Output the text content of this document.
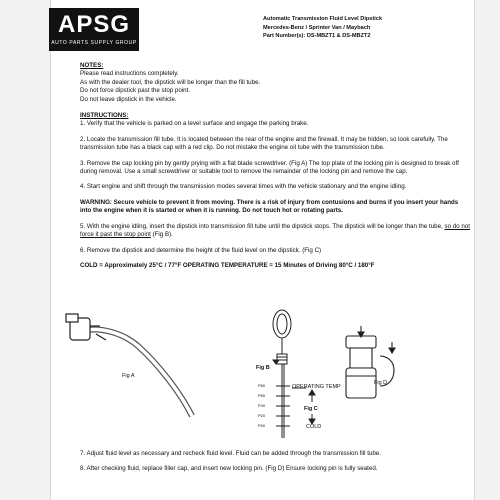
APSG
AUTO PARTS SUPPLY GROUP
Automatic Transmission Fluid Level Dipstick
Mercedes-Benz / Sprinter Van / Maybach
Part Number(s): DS-MBZT1 & DS-MBZT2
NOTES:
Please read instructions completely.
As with the dealer tool, the dipstick will be longer than the fill tube.
Do not force dipstick past the stop point.
Do not leave dipstick in the vehicle.
INSTRUCTIONS:
1. Verify that the vehicle is parked on a level surface and engage the parking brake.
2. Locate the transmission fill tube. It is located between the rear of the engine and the firewall. It may be hidden, so look carefully. The transmission tube has a black cap with a red clip. Do not mistake the engine oil tube with the transmission tube.
3. Remove the cap locking pin by gently prying with a flat blade screwdriver. (Fig A) The top plate of the locking pin is designed to break off during removal. Use a small screwdriver or suitable tool to remove the remainder of the locking pin and remove the cap.
4. Start engine and shift through the transmission modes several times with the vehicle stationary and the engine idling.
WARNING: Secure vehicle to prevent it from moving. There is a risk of injury from contusions and burns if you insert your hands into the engine when it is started or when it is running. Do not touch hot or rotating parts.
5. With the engine idling, insert the dipstick into transmission fill tube until the dipstick stops. The dipstick will be longer than the tube, so do not force it past the stop point (Fig B).
6. Remove the dipstick and determine the height of the fluid level on the dipstick. (Fig C)
COLD = Approximately 25°C / 77°F OPERATING TEMPERATURE = 15 Minutes of Driving 80°C / 180°F
Fig A
Fig B
OPERATING TEMP
Fig C
COLD
Fig D
P80
P60
P40
P20
P00
7. Adjust fluid level as necessary and recheck fluid level. Fluid can be added through the transmission fill tube.
8. After checking fluid, replace filler cap, and insert new locking pin. (Fig D) Ensure locking pin is fully seated.
